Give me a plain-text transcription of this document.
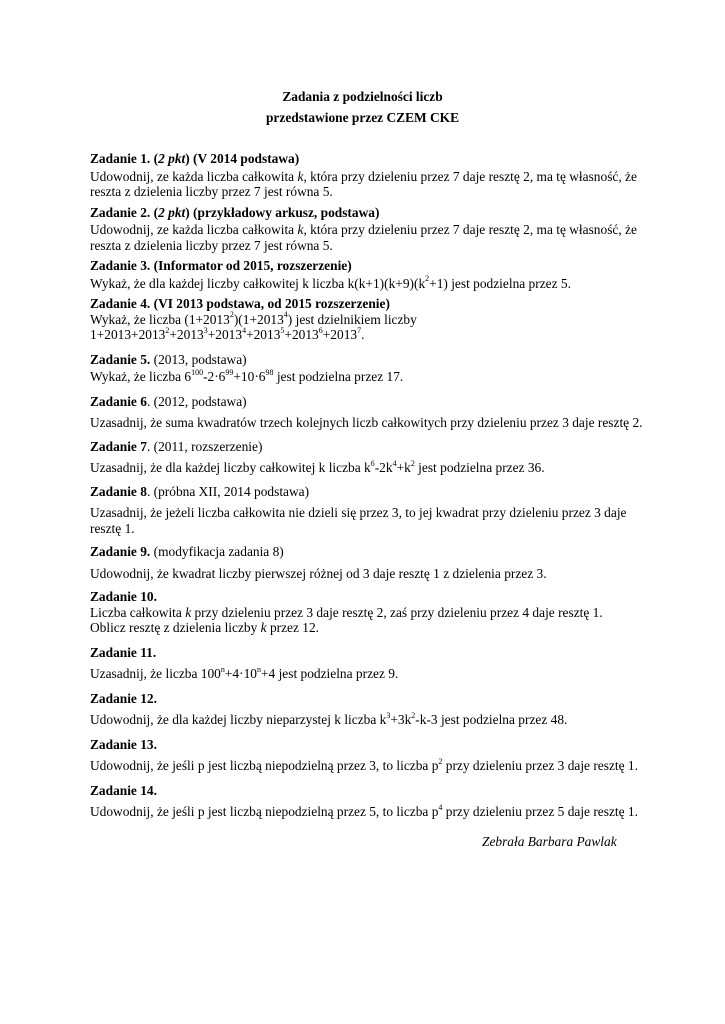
Zadania z podzielności liczb
przedstawione przez CZEM CKE
Zadanie 1. (2 pkt) (V 2014 podstawa)
Udowodnij, ze każda liczba całkowita k, która przy dzieleniu przez 7 daje resztę 2, ma tę własność, że reszta z dzielenia liczby przez 7 jest równa 5.
Zadanie 2. (2 pkt) (przykładowy arkusz, podstawa)
Udowodnij, ze każda liczba całkowita k, która przy dzieleniu przez 7 daje resztę 2, ma tę własność, że reszta z dzielenia liczby przez 7 jest równa 5.
Zadanie 3. (Informator od 2015, rozszerzenie)
Wykaż, że dla każdej liczby całkowitej k liczba $k(k+1)(k+9)(k^2+1)$ jest podzielna przez 5.
Zadanie 4. (VI 2013 podstawa, od 2015 rozszerzenie)
Wykaż, że liczba $(1+2013^2)(1+2013^4)$ jest dzielnikiem liczby
$1+2013+2013^2+2013^3+2013^4+2013^5+2013^6+2013^7$.
Zadanie 5. (2013, podstawa)
Wykaż, że liczba $6^{100}-2\cdot 6^{99}+10\cdot 6^{98}$ jest podzielna przez 17.
Zadanie 6. (2012, podstawa)
Uzasadnij, że suma kwadratów trzech kolejnych liczb całkowitych przy dzieleniu przez 3 daje resztę 2.
Zadanie 7. (2011, rozszerzenie)
Uzasadnij, że dla każdej liczby całkowitej k liczba $k^6-2k^4+k^2$ jest podzielna przez 36.
Zadanie 8. (próbna XII, 2014 podstawa)
Uzasadnij, że jeżeli liczba całkowita nie dzieli się przez 3, to jej kwadrat przy dzieleniu przez 3 daje resztę 1.
Zadanie 9. (modyfikacja zadania 8)
Udowodnij, że kwadrat liczby pierwszej różnej od 3 daje resztę 1 z dzielenia przez 3.
Zadanie 10.
Liczba całkowita k przy dzieleniu przez 3 daje resztę 2, zaś przy dzieleniu przez 4 daje resztę 1.
Oblicz resztę z dzielenia liczby k przez 12.
Zadanie 11.
Uzasadnij, że liczba $100^n+4\cdot 10^n+4$ jest podzielna przez 9.
Zadanie 12.
Udowodnij, że dla każdej liczby nieparzystej k liczba $k^3+3k^2-k-3$ jest podzielna przez 48.
Zadanie 13.
Udowodnij, że jeśli p jest liczbą niepodzielną przez 3, to liczba $p^2$ przy dzieleniu przez 3 daje resztę 1.
Zadanie 14.
Udowodnij, że jeśli p jest liczbą niepodzielną przez 5, to liczba $p^4$ przy dzieleniu przez 5 daje resztę 1.
Zebrała Barbara Pawlak
